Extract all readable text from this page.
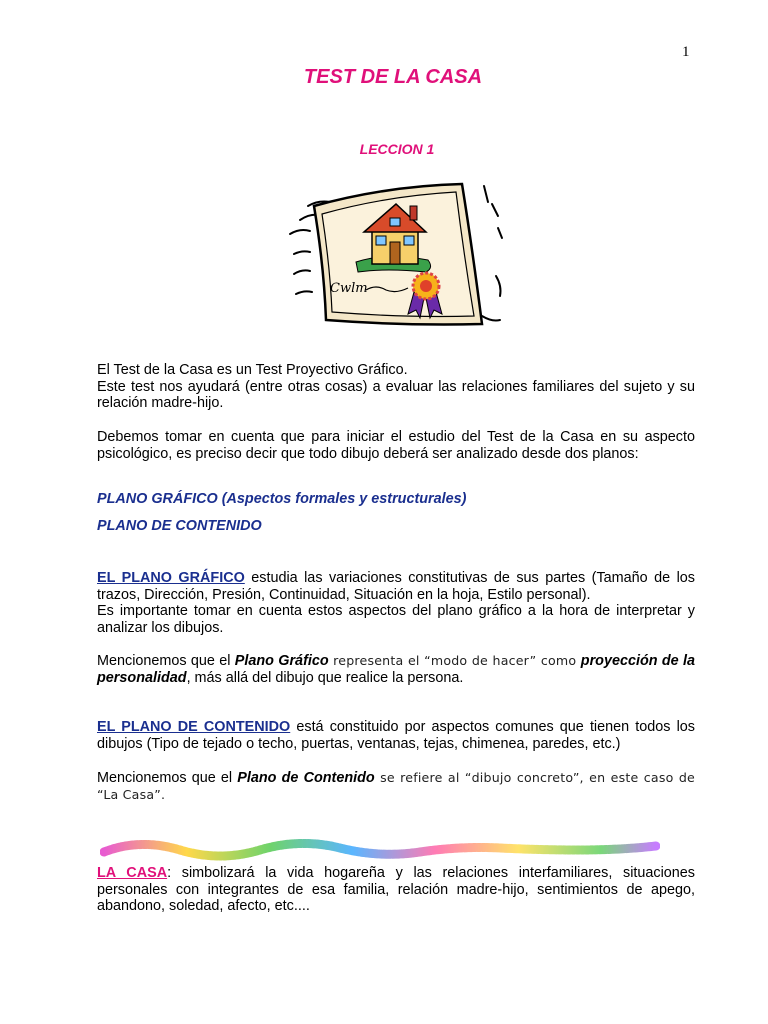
1
TEST DE LA CASA
LECCION 1
Cwlm
El Test de la Casa es un Test Proyectivo Gráfico.
Este test nos ayudará (entre otras cosas) a evaluar las relaciones familiares del sujeto y su relación madre-hijo.
Debemos tomar en cuenta que para iniciar el estudio del Test de la Casa en su aspecto psicológico, es preciso decir que todo dibujo deberá ser analizado desde dos planos:
PLANO GRÁFICO (Aspectos formales y estructurales)
PLANO DE CONTENIDO
EL PLANO GRÁFICO estudia las variaciones constitutivas de sus partes (Tamaño de los trazos, Dirección, Presión, Continuidad, Situación en la hoja, Estilo personal).
Es importante tomar en cuenta estos aspectos del plano gráfico a la hora de interpretar y analizar los dibujos.
Mencionemos que el Plano Gráfico representa el “modo de hacer” como proyección de la personalidad, más allá del dibujo que realice la persona.
EL PLANO DE CONTENIDO está constituido por aspectos comunes que tienen todos los dibujos (Tipo de tejado o techo, puertas, ventanas, tejas, chimenea, paredes, etc.)
Mencionemos que el Plano de Contenido se refiere al “dibujo concreto”, en este caso de “La Casa”.
LA CASA: simbolizará la vida hogareña y las relaciones interfamiliares, situaciones personales con integrantes de esa familia, relación madre-hijo, sentimientos de apego, abandono, soledad, afecto, etc....
